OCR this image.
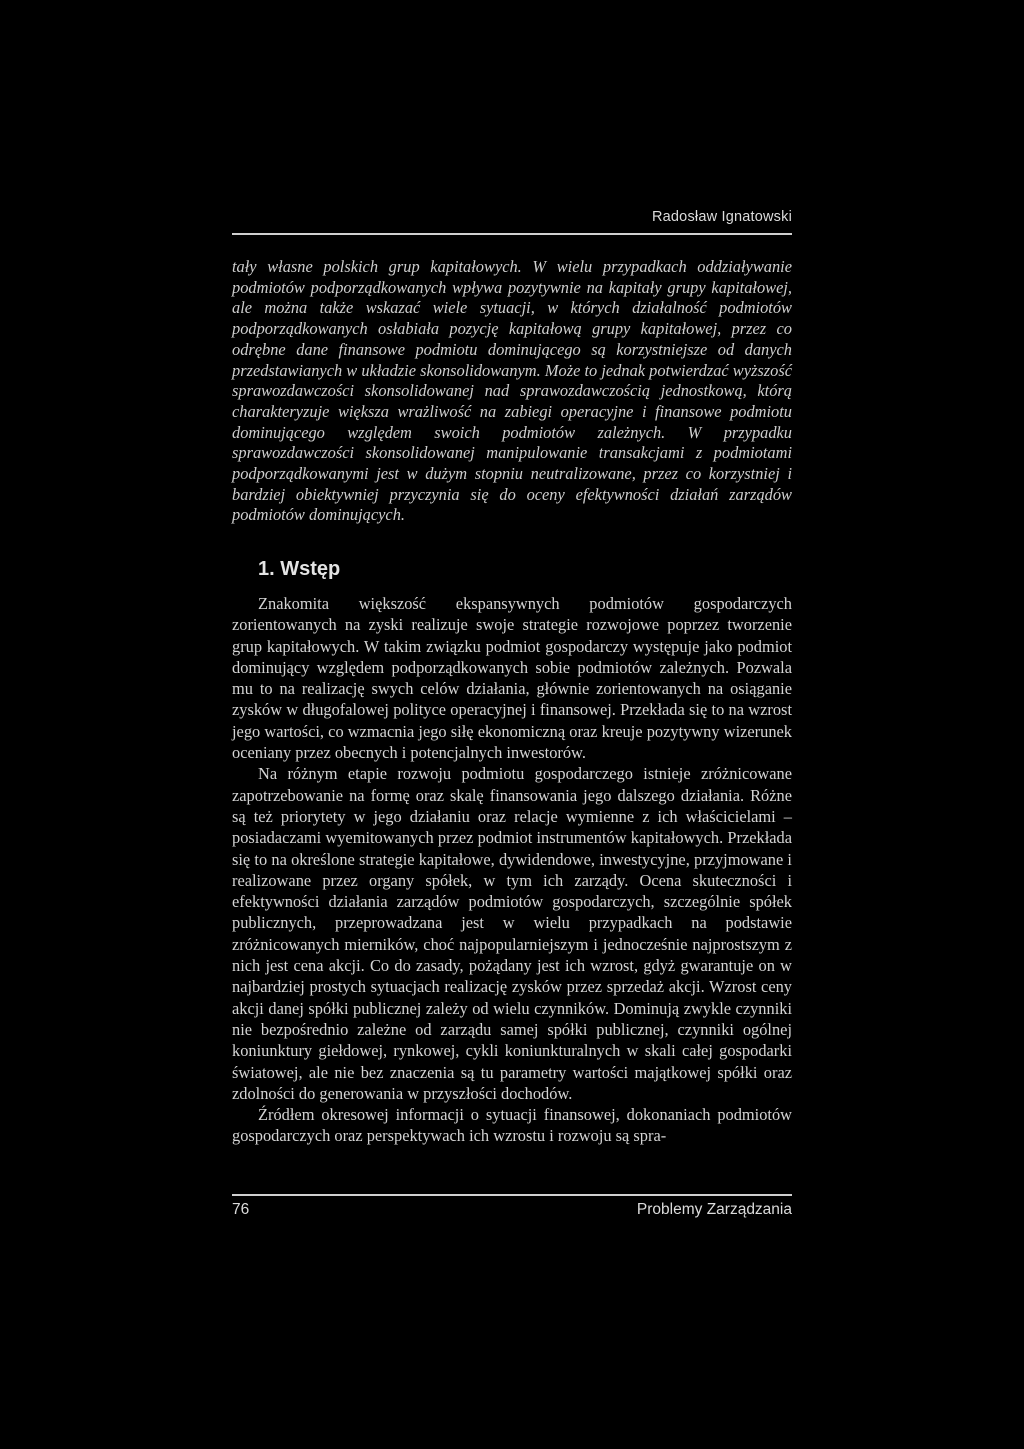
Radosław Ignatowski

tały własne polskich grup kapitałowych. W wielu przypadkach oddziaływanie podmiotów podporządkowanych wpływa pozytywnie na kapitały grupy kapitałowej, ale można także wskazać wiele sytuacji, w których działalność podmiotów podporządkowanych osłabiała pozycję kapitałową grupy kapitałowej, przez co odrębne dane finansowe podmiotu dominującego są korzystniejsze od danych przedstawianych w układzie skonsolidowanym. Może to jednak potwierdzać wyższość sprawozdawczości skonsolidowanej nad sprawozdawczością jednostkową, którą charakteryzuje większa wrażliwość na zabiegi operacyjne i finansowe podmiotu dominującego względem swoich podmiotów zależnych. W przypadku sprawozdawczości skonsolidowanej manipulowanie transakcjami z podmiotami podporządkowanymi jest w dużym stopniu neutralizowane, przez co korzystniej i bardziej obiektywniej przyczynia się do oceny efektywności działań zarządów podmiotów dominujących.

1. Wstęp

Znakomita większość ekspansywnych podmiotów gospodarczych zorientowanych na zyski realizuje swoje strategie rozwojowe poprzez tworzenie grup kapitałowych. W takim związku podmiot gospodarczy występuje jako podmiot dominujący względem podporządkowanych sobie podmiotów zależnych. Pozwala mu to na realizację swych celów działania, głównie zorientowanych na osiąganie zysków w długofalowej polityce operacyjnej i finansowej. Przekłada się to na wzrost jego wartości, co wzmacnia jego siłę ekonomiczną oraz kreuje pozytywny wizerunek oceniany przez obecnych i potencjalnych inwestorów.

Na różnym etapie rozwoju podmiotu gospodarczego istnieje zróżnicowane zapotrzebowanie na formę oraz skalę finansowania jego dalszego działania. Różne są też priorytety w jego działaniu oraz relacje wymienne z ich właścicielami – posiadaczami wyemitowanych przez podmiot instrumentów kapitałowych. Przekłada się to na określone strategie kapitałowe, dywidendowe, inwestycyjne, przyjmowane i realizowane przez organy spółek, w tym ich zarządy. Ocena skuteczności i efektywności działania zarządów podmiotów gospodarczych, szczególnie spółek publicznych, przeprowadzana jest w wielu przypadkach na podstawie zróżnicowanych mierników, choć najpopularniejszym i jednocześnie najprostszym z nich jest cena akcji. Co do zasady, pożądany jest ich wzrost, gdyż gwarantuje on w najbardziej prostych sytuacjach realizację zysków przez sprzedaż akcji. Wzrost ceny akcji danej spółki publicznej zależy od wielu czynników. Dominują zwykle czynniki nie bezpośrednio zależne od zarządu samej spółki publicznej, czynniki ogólnej koniunktury giełdowej, rynkowej, cykli koniunkturalnych w skali całej gospodarki światowej, ale nie bez znaczenia są tu parametry wartości majątkowej spółki oraz zdolności do generowania w przyszłości dochodów.

Źródłem okresowej informacji o sytuacji finansowej, dokonaniach podmiotów gospodarczych oraz perspektywach ich wzrostu i rozwoju są spra-

76	Problemy Zarządzania
